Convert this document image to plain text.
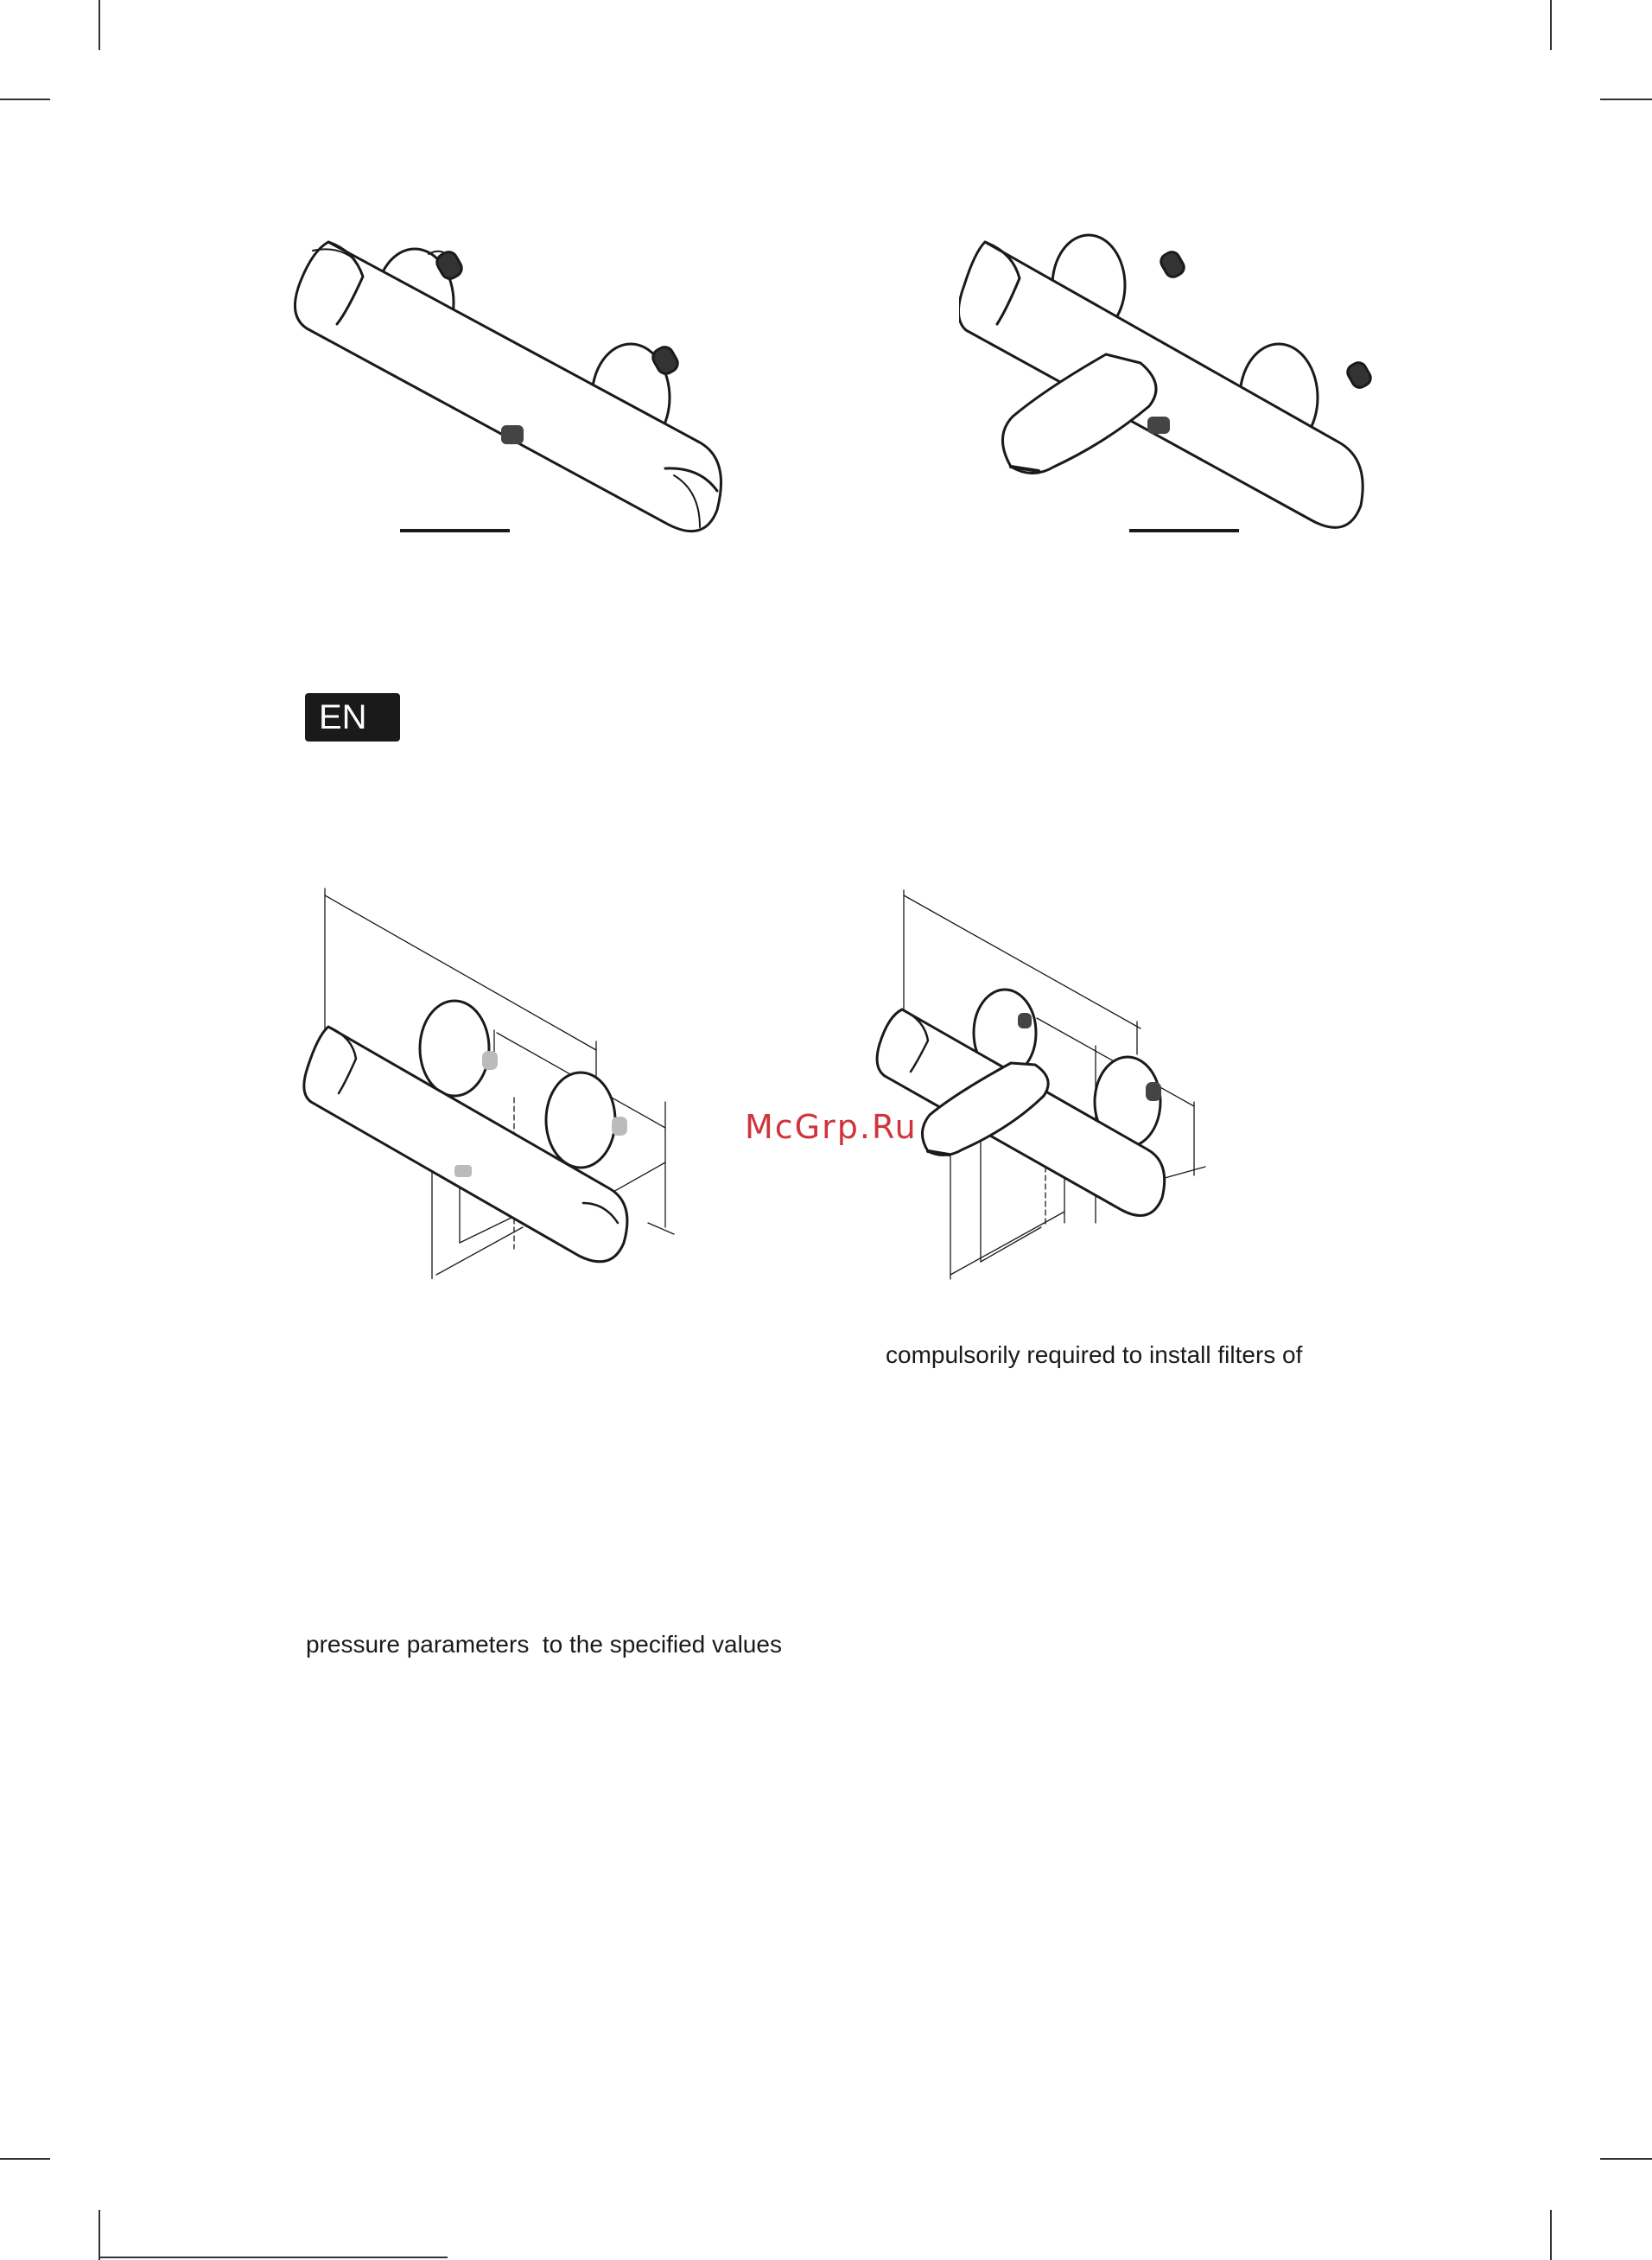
EN
McGrp.Ru
compulsorily required to install filters of
pressure parameters  to the specified values
